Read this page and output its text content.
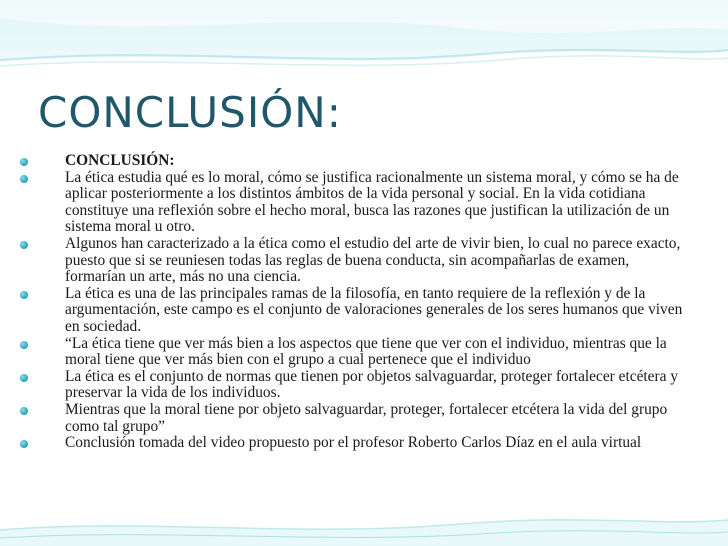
CONCLUSIÓN:
CONCLUSIÓN:
La ética estudia qué es lo moral, cómo se justifica racionalmente un sistema moral, y cómo se ha de aplicar posteriormente a los distintos ámbitos de la vida personal y social. En la vida cotidiana constituye una reflexión sobre el hecho moral, busca las razones que justifican la utilización de un sistema moral u otro.
Algunos han caracterizado a la ética como el estudio del arte de vivir bien, lo cual no parece exacto, puesto que si se reuniesen todas las reglas de buena conducta, sin acompañarlas de examen, formarían un arte, más no una ciencia.
La ética es una de las principales ramas de la filosofía, en tanto requiere de la reflexión y de la argumentación, este campo es el conjunto de valoraciones generales de los seres humanos que viven en sociedad.
“La ética tiene que ver más bien a los aspectos que tiene que ver con el individuo, mientras que la moral tiene que ver más bien con el grupo a cual pertenece que el individuo
La ética es el conjunto de normas que tienen por objetos salvaguardar, proteger fortalecer etcétera y preservar la vida de los individuos.
Mientras que la moral tiene por objeto salvaguardar, proteger, fortalecer etcétera la vida del grupo como tal grupo”
Conclusión tomada del video propuesto por el profesor Roberto Carlos Díaz en el aula virtual
